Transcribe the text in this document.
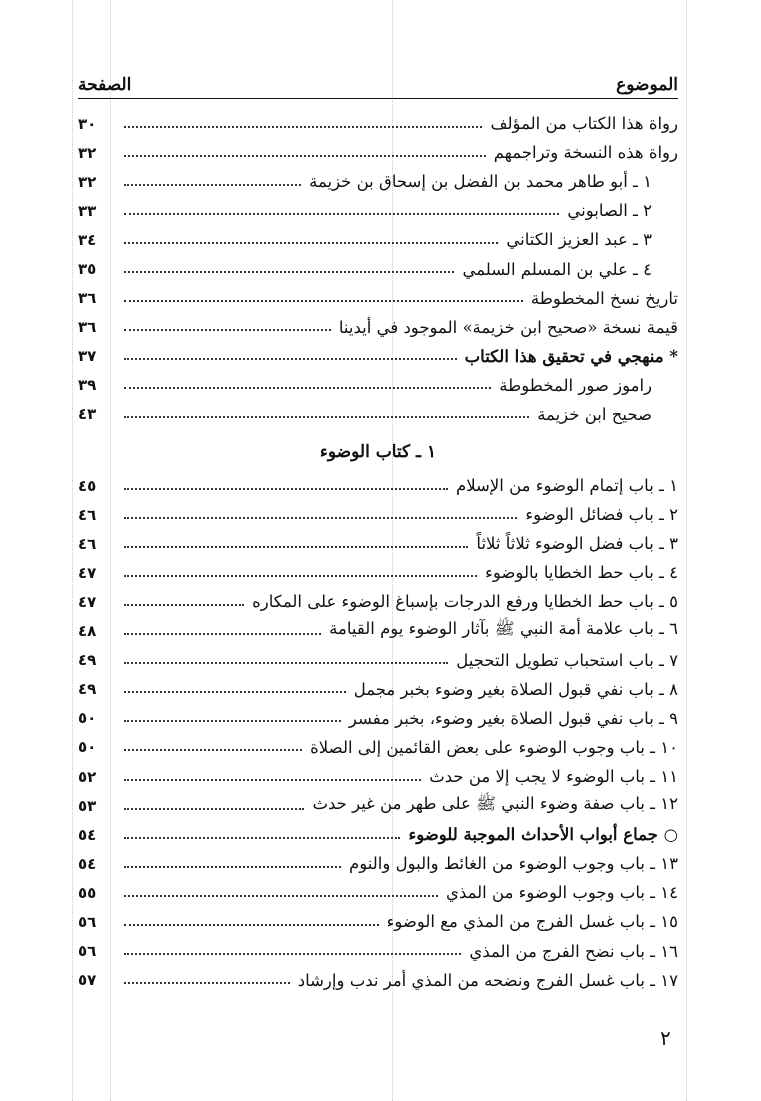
الموضوع
الصفحة
رواة هذا الكتاب من المؤلف
٣٠
رواة هذه النسخة وتراجمهم
٣٢
١ ـ أبو طاهر محمد بن الفضل بن إسحاق بن خزيمة
٣٢
٢ ـ الصابوني
٣٣
٣ ـ عبد العزيز الكتاني
٣٤
٤ ـ علي بن المسلم السلمي
٣٥
تاريخ نسخ المخطوطة
٣٦
قيمة نسخة «صحيح ابن خزيمة» الموجود في أيدينا
٣٦
* منهجي في تحقيق هذا الكتاب
٣٧
راموز صور المخطوطة
٣٩
صحيح ابن خزيمة
٤٣
١ ـ كتاب الوضوء
١ ـ باب إتمام الوضوء من الإسلام
٤٥
٢ ـ باب فضائل الوضوء
٤٦
٣ ـ باب فضل الوضوء ثلاثاً ثلاثاً
٤٦
٤ ـ باب حط الخطايا بالوضوء
٤٧
٥ ـ باب حط الخطايا ورفع الدرجات بإسباغ الوضوء على المكاره
٤٧
٦ ـ باب علامة أمة النبي ﷺ بآثار الوضوء يوم القيامة
٤٨
٧ ـ باب استحباب تطويل التحجيل
٤٩
٨ ـ باب نفي قبول الصلاة بغير وضوء بخبر مجمل
٤٩
٩ ـ باب نفي قبول الصلاة بغير وضوء، بخبر مفسر
٥٠
١٠ ـ باب وجوب الوضوء على بعض القائمين إلى الصلاة
٥٠
١١ ـ باب الوضوء لا يجب إلا من حدث
٥٢
١٢ ـ باب صفة وضوء النبي ﷺ على طهر من غير حدث
٥٣
○ جماع أبواب الأحداث الموجبة للوضوء
٥٤
١٣ ـ باب وجوب الوضوء من الغائط والبول والنوم
٥٤
١٤ ـ باب وجوب الوضوء من المذي
٥٥
١٥ ـ باب غسل الفرج من المذي مع الوضوء
٥٦
١٦ ـ باب نضح الفرج من المذي
٥٦
١٧ ـ باب غسل الفرج ونضحه من المذي أمر ندب وإرشاد
٥٧
٢
